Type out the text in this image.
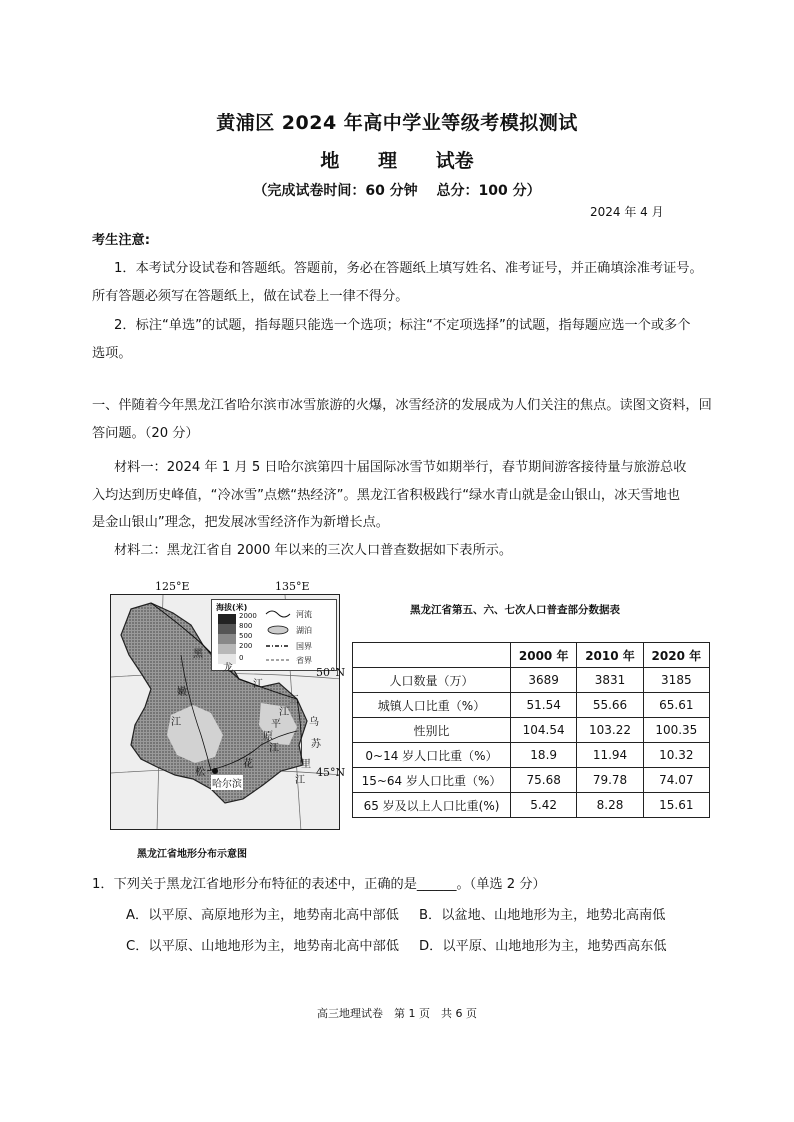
黄浦区 2024 年高中学业等级考模拟测试
地 理 试卷
（完成试卷时间：60 分钟　 总分：100 分）
2024 年 4 月
考生注意:
1．本考试分设试卷和答题纸。答题前，务必在答题纸上填写姓名、准考证号，并正确填涂准考证号。
所有答题必须写在答题纸上，做在试卷上一律不得分。
2．标注“单选”的试题，指每题只能选一个选项；标注“不定项选择”的试题，指每题应选一个或多个
选项。
一、伴随着今年黑龙江省哈尔滨市冰雪旅游的火爆，冰雪经济的发展成为人们关注的焦点。读图文资料，回
答问题。（20 分）
材料一：2024 年 1 月 5 日哈尔滨第四十届国际冰雪节如期举行，春节期间游客接待量与旅游总收
入均达到历史峰值，“冷冰雪”点燃“热经济”。黑龙江省积极践行“绿水青山就是金山银山，冰天雪地也
是金山银山”理念，把发展冰雪经济作为新增长点。
材料二：黑龙江省自 2000 年以来的三次人口普查数据如下表所示。
125°E	135°E
海拔(米)
2000
800
500
200
0
河流
湖泊
国界
省界
黑
龙
江
嫩
江
松
花
江
三
江
平
原
乌
苏
里
江
哈尔滨
50°N
45°N
黑龙江省地形分布示意图
黑龙江省第五、六、七次人口普查部分数据表
	2000 年	2010 年	2020 年
人口数量（万）	3689	3831	3185
城镇人口比重（%）	51.54	55.66	65.61
性别比	104.54	103.22	100.35
0~14 岁人口比重（%）	18.9	11.94	10.32
15~64 岁人口比重（%）	75.68	79.78	74.07
65 岁及以上人口比重(%)	5.42	8.28	15.61
1．下列关于黑龙江省地形分布特征的表述中，正确的是______。（单选 2 分）
A．以平原、高原地形为主，地势南北高中部低 B．以盆地、山地地形为主，地势北高南低
C．以平原、山地地形为主，地势南北高中部低 D．以平原、山地地形为主，地势西高东低
高三地理试卷　第 1 页　共 6 页
